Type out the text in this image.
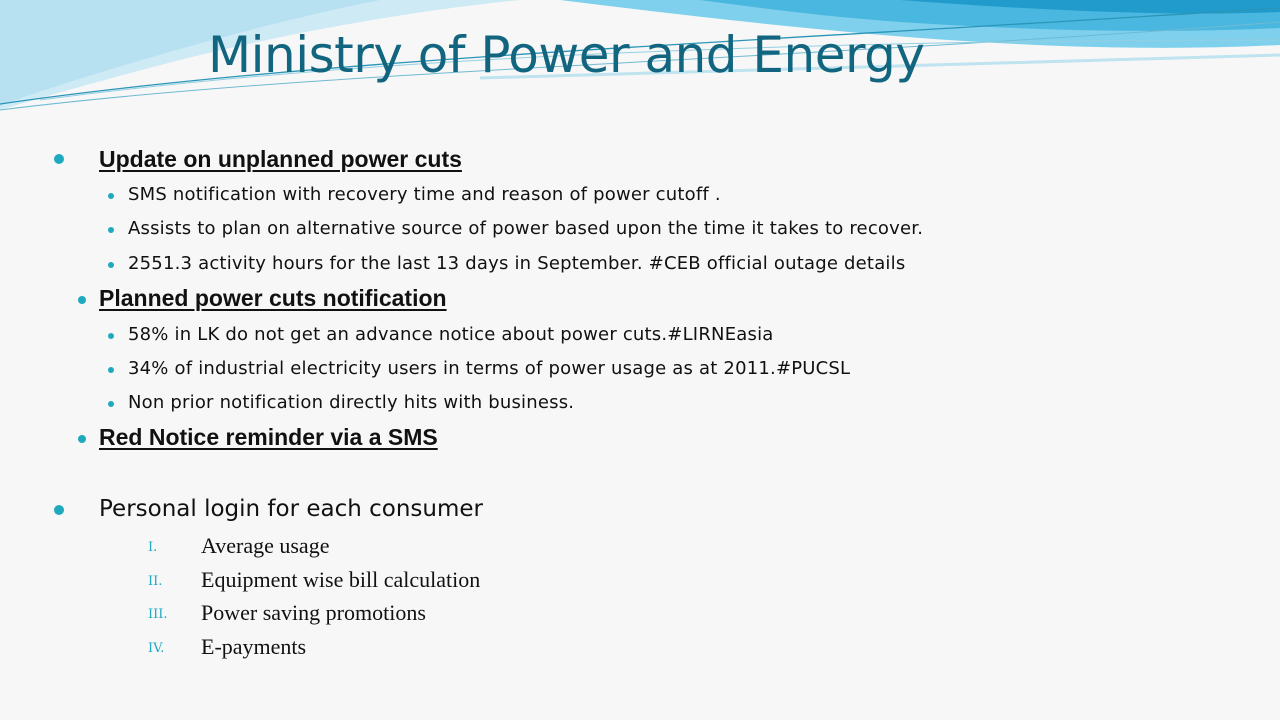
Ministry of Power and Energy
Update on unplanned power cuts
SMS notification with recovery time and reason of power cutoff .
Assists to plan on alternative source of power based upon the time it takes to recover.
2551.3 activity hours for the last 13 days in September. #CEB official outage details
Planned power cuts notification
58% in LK do not get an advance notice about power cuts.#LIRNEasia
34% of industrial electricity users in terms of power usage as at 2011.#PUCSL
Non prior notification directly hits with business.
Red Notice reminder via a SMS
Personal login for each consumer
I. Average usage
II. Equipment wise bill calculation
III. Power saving promotions
IV. E-payments
